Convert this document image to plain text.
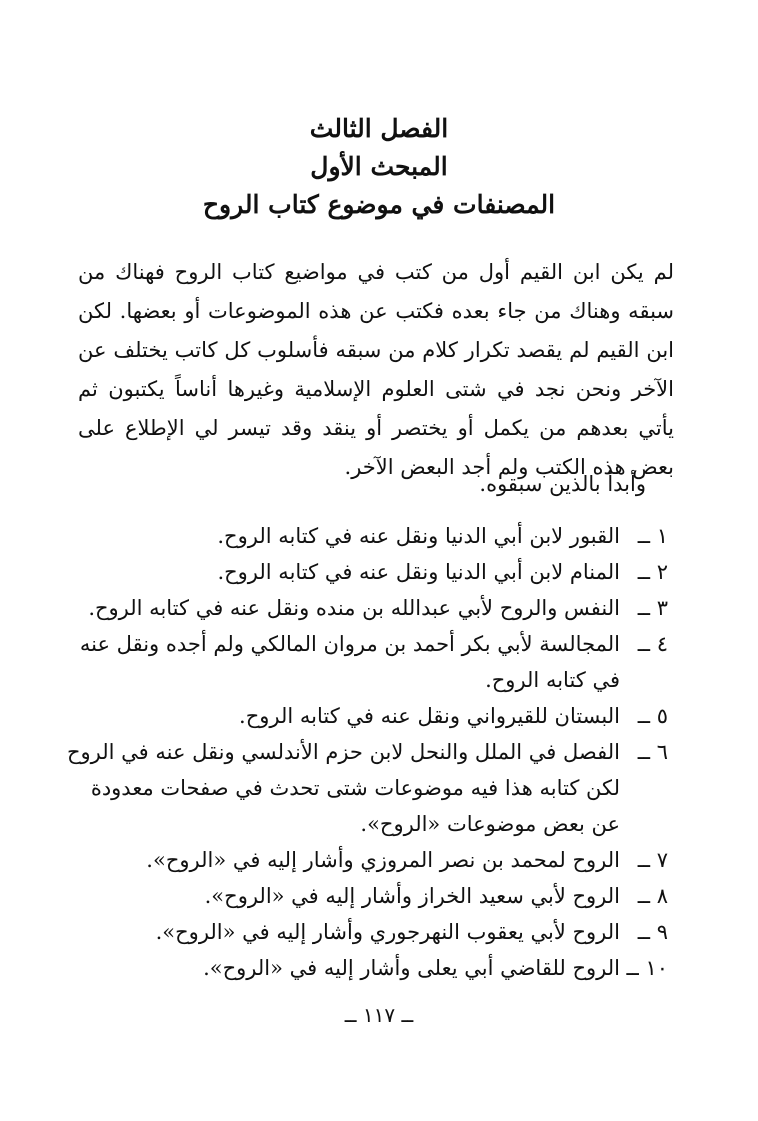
الفصل الثالث
المبحث الأول
المصنفات في موضوع كتاب الروح

لم يكن ابن القيم أول من كتب في مواضيع كتاب الروح فهناك من سبقه وهناك من جاء بعده فكتب عن هذه الموضوعات أو بعضها. لكن ابن القيم لم يقصد تكرار كلام من سبقه فأسلوب كل كاتب يختلف عن الآخر ونحن نجد في شتى العلوم الإسلامية وغيرها أناساً يكتبون ثم يأتي بعدهم من يكمل أو يختصر أو ينقد وقد تيسر لي الإطلاع على بعض هذه الكتب ولم أجد البعض الآخر.

وأبدأ بالذين سبقوه.
١ ــ
القبور لابن أبي الدنيا ونقل عنه في كتابه الروح.
٢ ــ
المنام لابن أبي الدنيا ونقل عنه في كتابه الروح.
٣ ــ
النفس والروح لأبي عبدالله بن منده ونقل عنه في كتابه الروح.
٤ ــ
المجالسة لأبي بكر أحمد بن مروان المالكي ولم أجده ونقل عنه في كتابه الروح.
٥ ــ
البستان للقيرواني ونقل عنه في كتابه الروح.
٦ ــ
الفصل في الملل والنحل لابن حزم الأندلسي ونقل عنه في الروح لكن كتابه هذا فيه موضوعات شتى تحدث في صفحات معدودة عن بعض موضوعات «الروح».
٧ ــ
الروح لمحمد بن نصر المروزي وأشار إليه في «الروح».
٨ ــ
الروح لأبي سعيد الخراز وأشار إليه في «الروح».
٩ ــ
الروح لأبي يعقوب النهرجوري وأشار إليه في «الروح».
١٠ ــ
الروح للقاضي أبي يعلى وأشار إليه في «الروح».
ــ ١١٧ ــ
